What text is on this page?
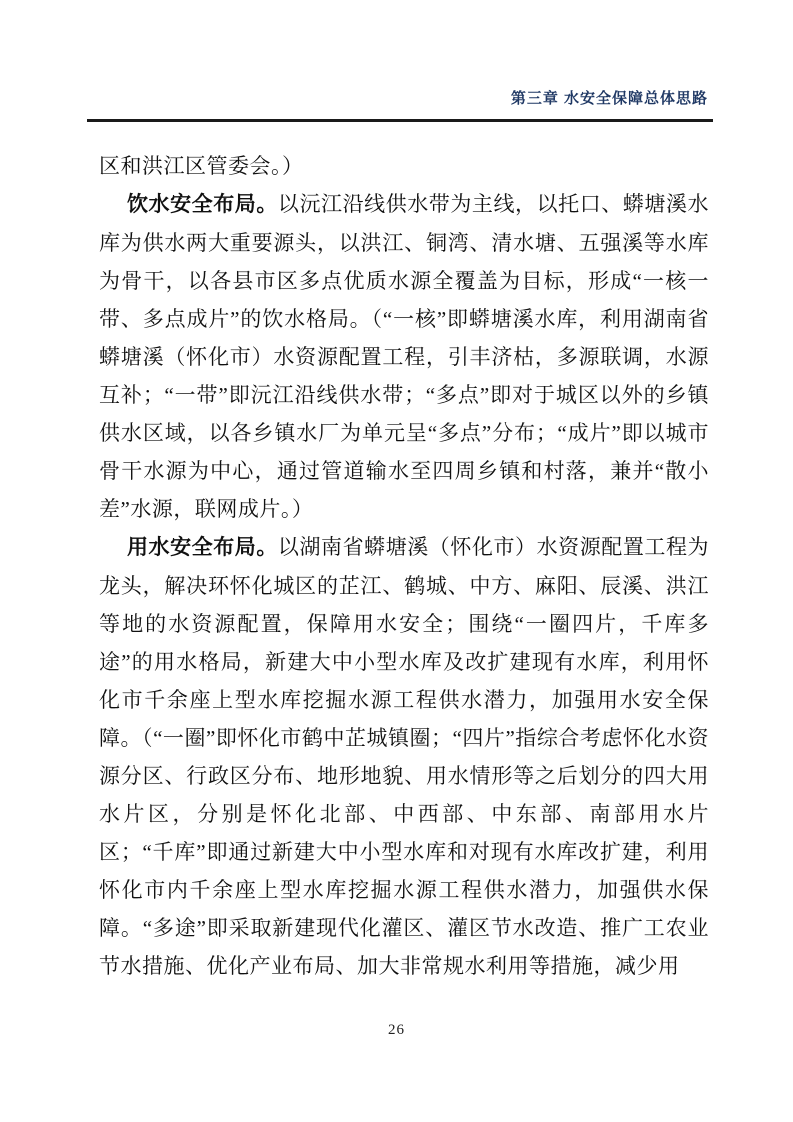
第三章 水安全保障总体思路

区和洪江区管委会。）

饮水安全布局。以沅江沿线供水带为主线，以托口、蟒塘溪水库为供水两大重要源头，以洪江、铜湾、清水塘、五强溪等水库为骨干，以各县市区多点优质水源全覆盖为目标，形成“一核一带、多点成片”的饮水格局。（“一核”即蟒塘溪水库，利用湖南省蟒塘溪（怀化市）水资源配置工程，引丰济枯，多源联调，水源互补；“一带”即沅江沿线供水带；“多点”即对于城区以外的乡镇供水区域，以各乡镇水厂为单元呈“多点”分布；“成片”即以城市骨干水源为中心，通过管道输水至四周乡镇和村落，兼并“散小差”水源，联网成片。）

用水安全布局。以湖南省蟒塘溪（怀化市）水资源配置工程为龙头，解决环怀化城区的芷江、鹤城、中方、麻阳、辰溪、洪江等地的水资源配置，保障用水安全；围绕“一圈四片，千库多途”的用水格局，新建大中小型水库及改扩建现有水库，利用怀化市千余座上型水库挖掘水源工程供水潜力，加强用水安全保障。（“一圈”即怀化市鹤中芷城镇圈；“四片”指综合考虑怀化水资源分区、行政区分布、地形地貌、用水情形等之后划分的四大用水片区，分别是怀化北部、中西部、中东部、南部用水片区；“千库”即通过新建大中小型水库和对现有水库改扩建，利用怀化市内千余座上型水库挖掘水源工程供水潜力，加强供水保障。“多途”即采取新建现代化灌区、灌区节水改造、推广工农业节水措施、优化产业布局、加大非常规水利用等措施，减少用

26
